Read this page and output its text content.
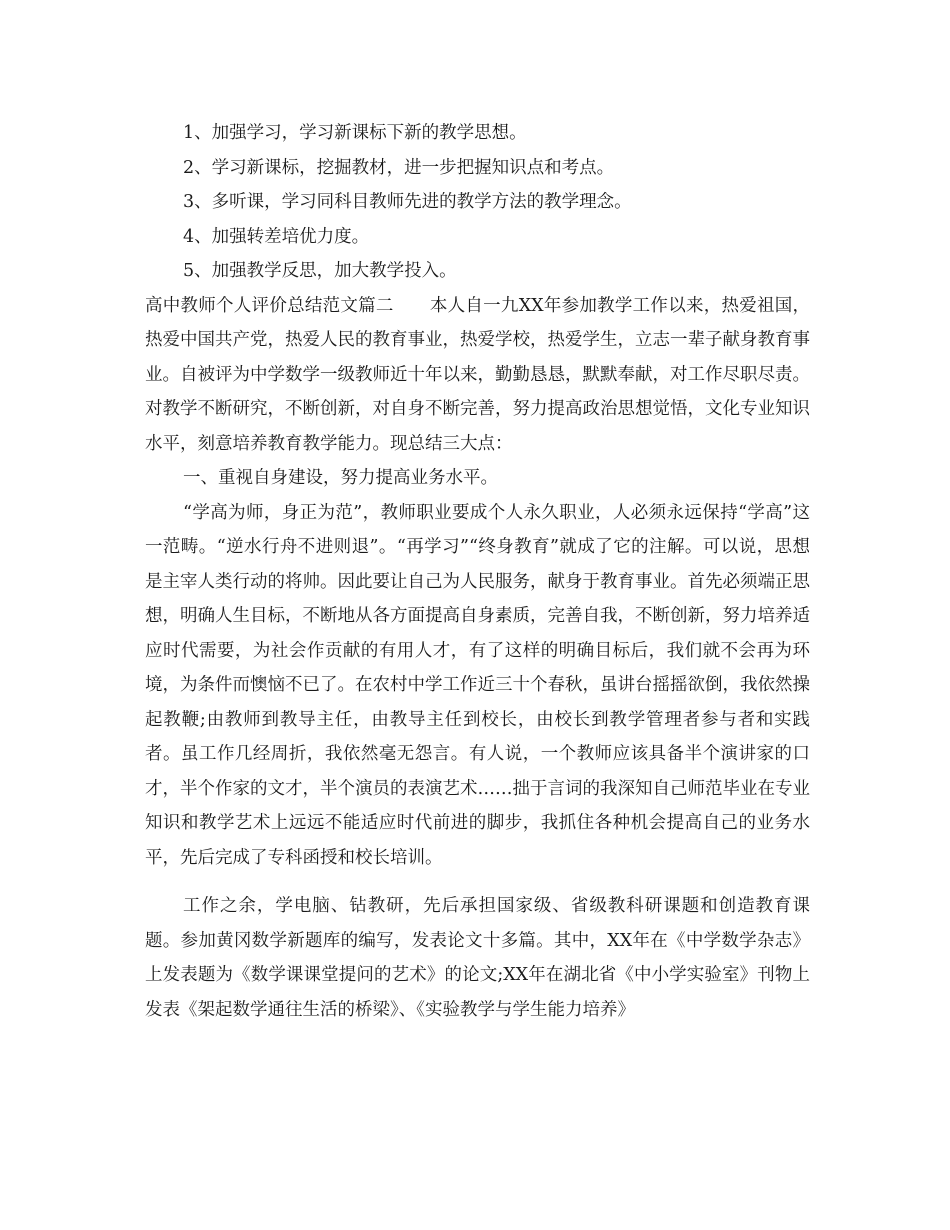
1、加强学习，学习新课标下新的教学思想。

2、学习新课标，挖掘教材，进一步把握知识点和考点。

3、多听课，学习同科目教师先进的教学方法的教学理念。

4、加强转差培优力度。

5、加强教学反思，加大教学投入。

高中教师个人评价总结范文篇二 本人自一九XX年参加教学工作以来，热爱祖国，热爱中国共产党，热爱人民的教育事业，热爱学校，热爱学生，立志一辈子献身教育事业。自被评为中学数学一级教师近十年以来，勤勤恳恳，默默奉献，对工作尽职尽责。对教学不断研究，不断创新，对自身不断完善，努力提高政治思想觉悟，文化专业知识水平，刻意培养教育教学能力。现总结三大点：

一、重视自身建设，努力提高业务水平。

“学高为师，身正为范”，教师职业要成个人永久职业，人必须永远保持“学高”这一范畴。“逆水行舟不进则退”。“再学习”“终身教育”就成了它的注解。可以说，思想是主宰人类行动的将帅。因此要让自己为人民服务，献身于教育事业。首先必须端正思想，明确人生目标，不断地从各方面提高自身素质，完善自我，不断创新，努力培养适应时代需要，为社会作贡献的有用人才，有了这样的明确目标后，我们就不会再为环境，为条件而懊恼不已了。在农村中学工作近三十个春秋，虽讲台摇摇欲倒，我依然操起教鞭;由教师到教导主任，由教导主任到校长，由校长到教学管理者参与者和实践者。虽工作几经周折，我依然毫无怨言。有人说，一个教师应该具备半个演讲家的口才，半个作家的文才，半个演员的表演艺术……拙于言词的我深知自己师范毕业在专业知识和教学艺术上远远不能适应时代前进的脚步，我抓住各种机会提高自己的业务水平，先后完成了专科函授和校长培训。

工作之余，学电脑、钻教研，先后承担国家级、省级教科研课题和创造教育课题。参加黄冈数学新题库的编写，发表论文十多篇。其中，XX年在《中学数学杂志》上发表题为《数学课课堂提问的艺术》的论文;XX年在湖北省《中小学实验室》刊物上发表《架起数学通往生活的桥梁》、《实验教学与学生能力培养》
